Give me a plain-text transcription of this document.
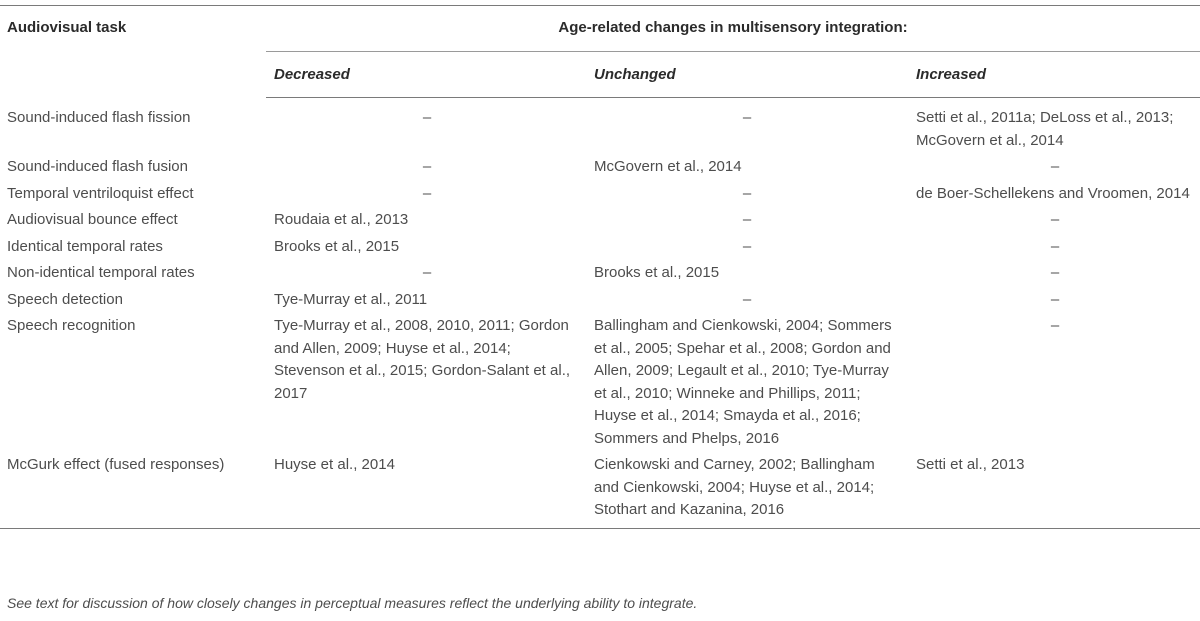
Audiovisual task	Age-related changes in multisensory integration:		
	Decreased	Unchanged	Increased
Sound-induced flash fission	–	–	Setti et al., 2011a; DeLoss et al., 2013; McGovern et al., 2014
Sound-induced flash fusion	–	McGovern et al., 2014	–
Temporal ventriloquist effect	–	–	de Boer-Schellekens and Vroomen, 2014
Audiovisual bounce effect	Roudaia et al., 2013	–	–
Identical temporal rates	Brooks et al., 2015	–	–
Non-identical temporal rates	–	Brooks et al., 2015	–
Speech detection	Tye-Murray et al., 2011	–	–
Speech recognition	Tye-Murray et al., 2008, 2010, 2011; Gordon and Allen, 2009; Huyse et al., 2014; Stevenson et al., 2015; Gordon-Salant et al., 2017	Ballingham and Cienkowski, 2004; Sommers et al., 2005; Spehar et al., 2008; Gordon and Allen, 2009; Legault et al., 2010; Tye-Murray et al., 2010; Winneke and Phillips, 2011; Huyse et al., 2014; Smayda et al., 2016; Sommers and Phelps, 2016	–
McGurk effect (fused responses)	Huyse et al., 2014	Cienkowski and Carney, 2002; Ballingham and Cienkowski, 2004; Huyse et al., 2014; Stothart and Kazanina, 2016	Setti et al., 2013
See text for discussion of how closely changes in perceptual measures reflect the underlying ability to integrate.
